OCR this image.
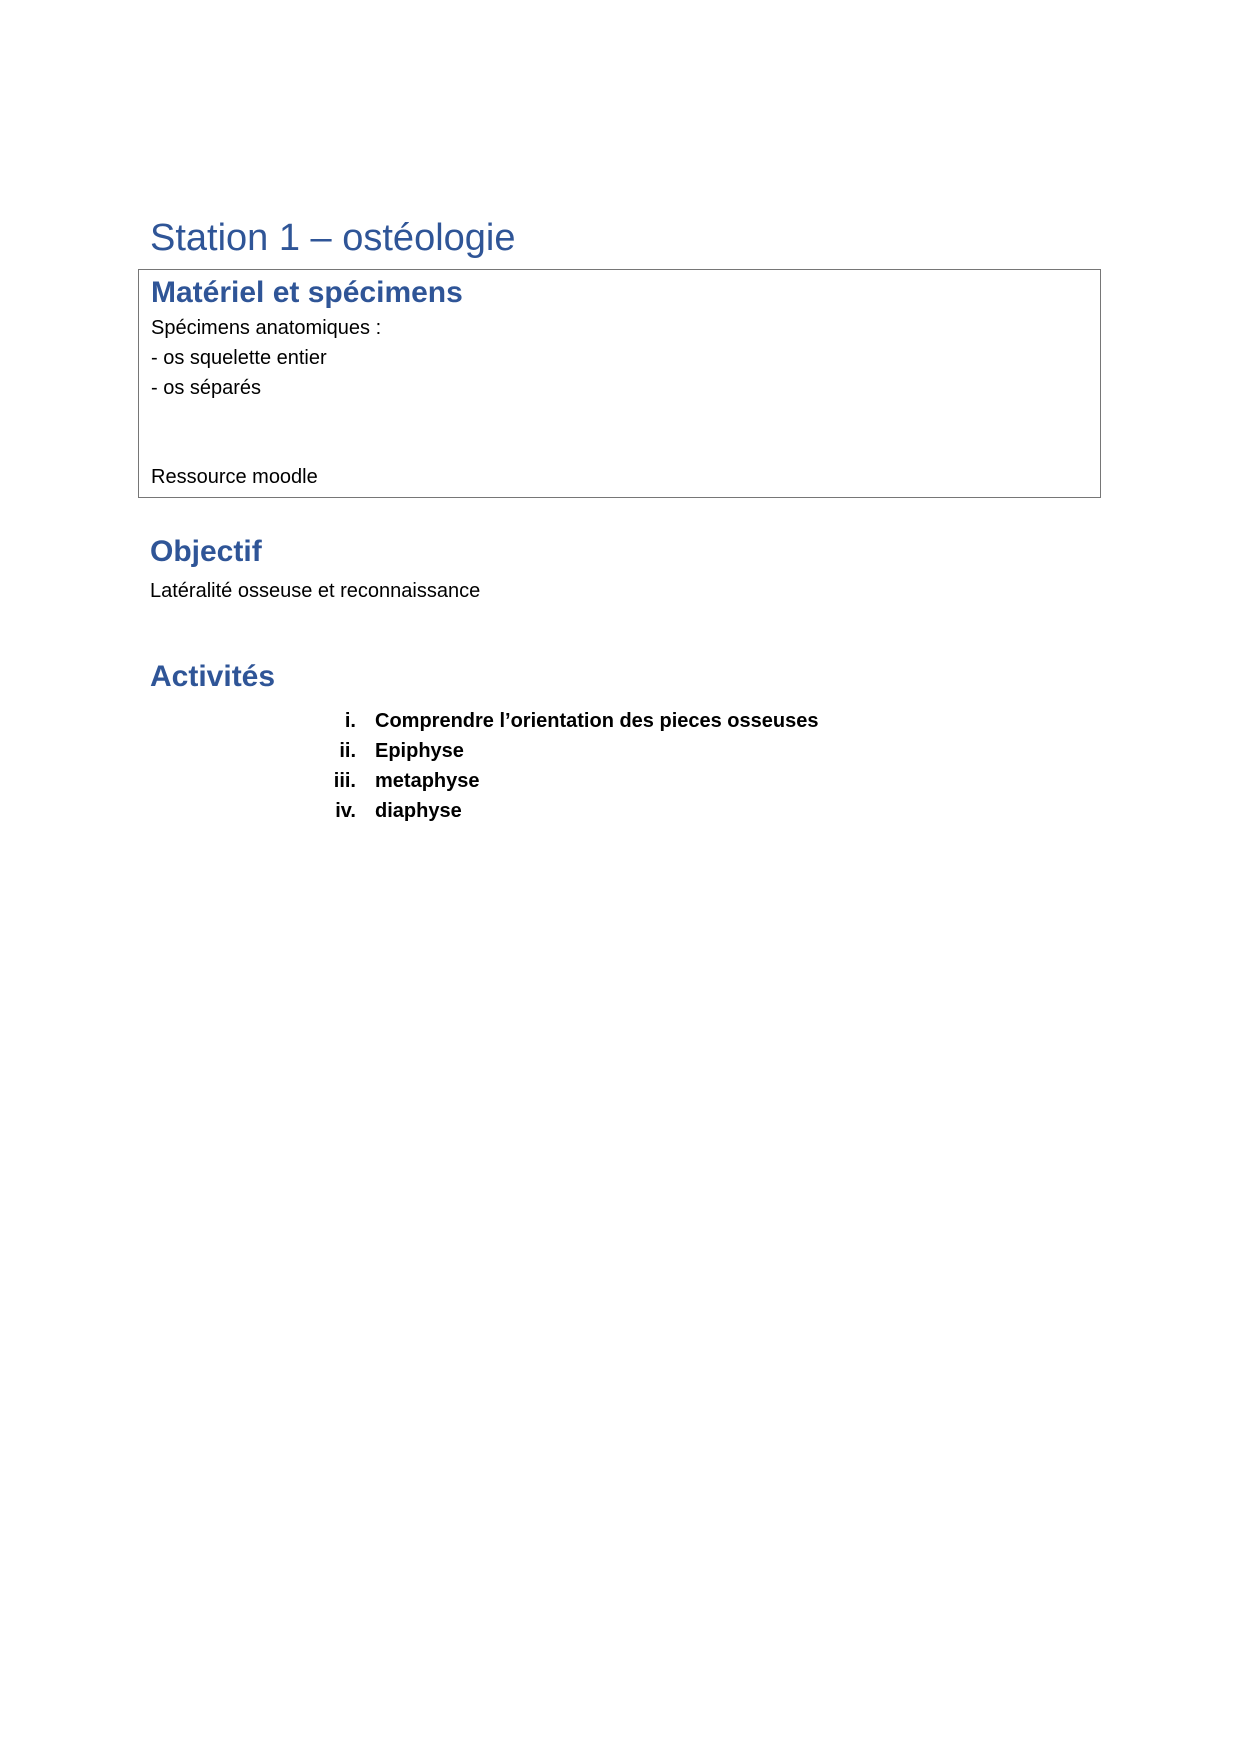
Station 1 – ostéologie
Matériel et spécimens
Spécimens anatomiques :
- os squelette entier
- os séparés
Ressource moodle
Objectif
Latéralité osseuse et reconnaissance
Activités
i. Comprendre l’orientation des pieces osseuses
ii. Epiphyse
iii. metaphyse
iv. diaphyse
